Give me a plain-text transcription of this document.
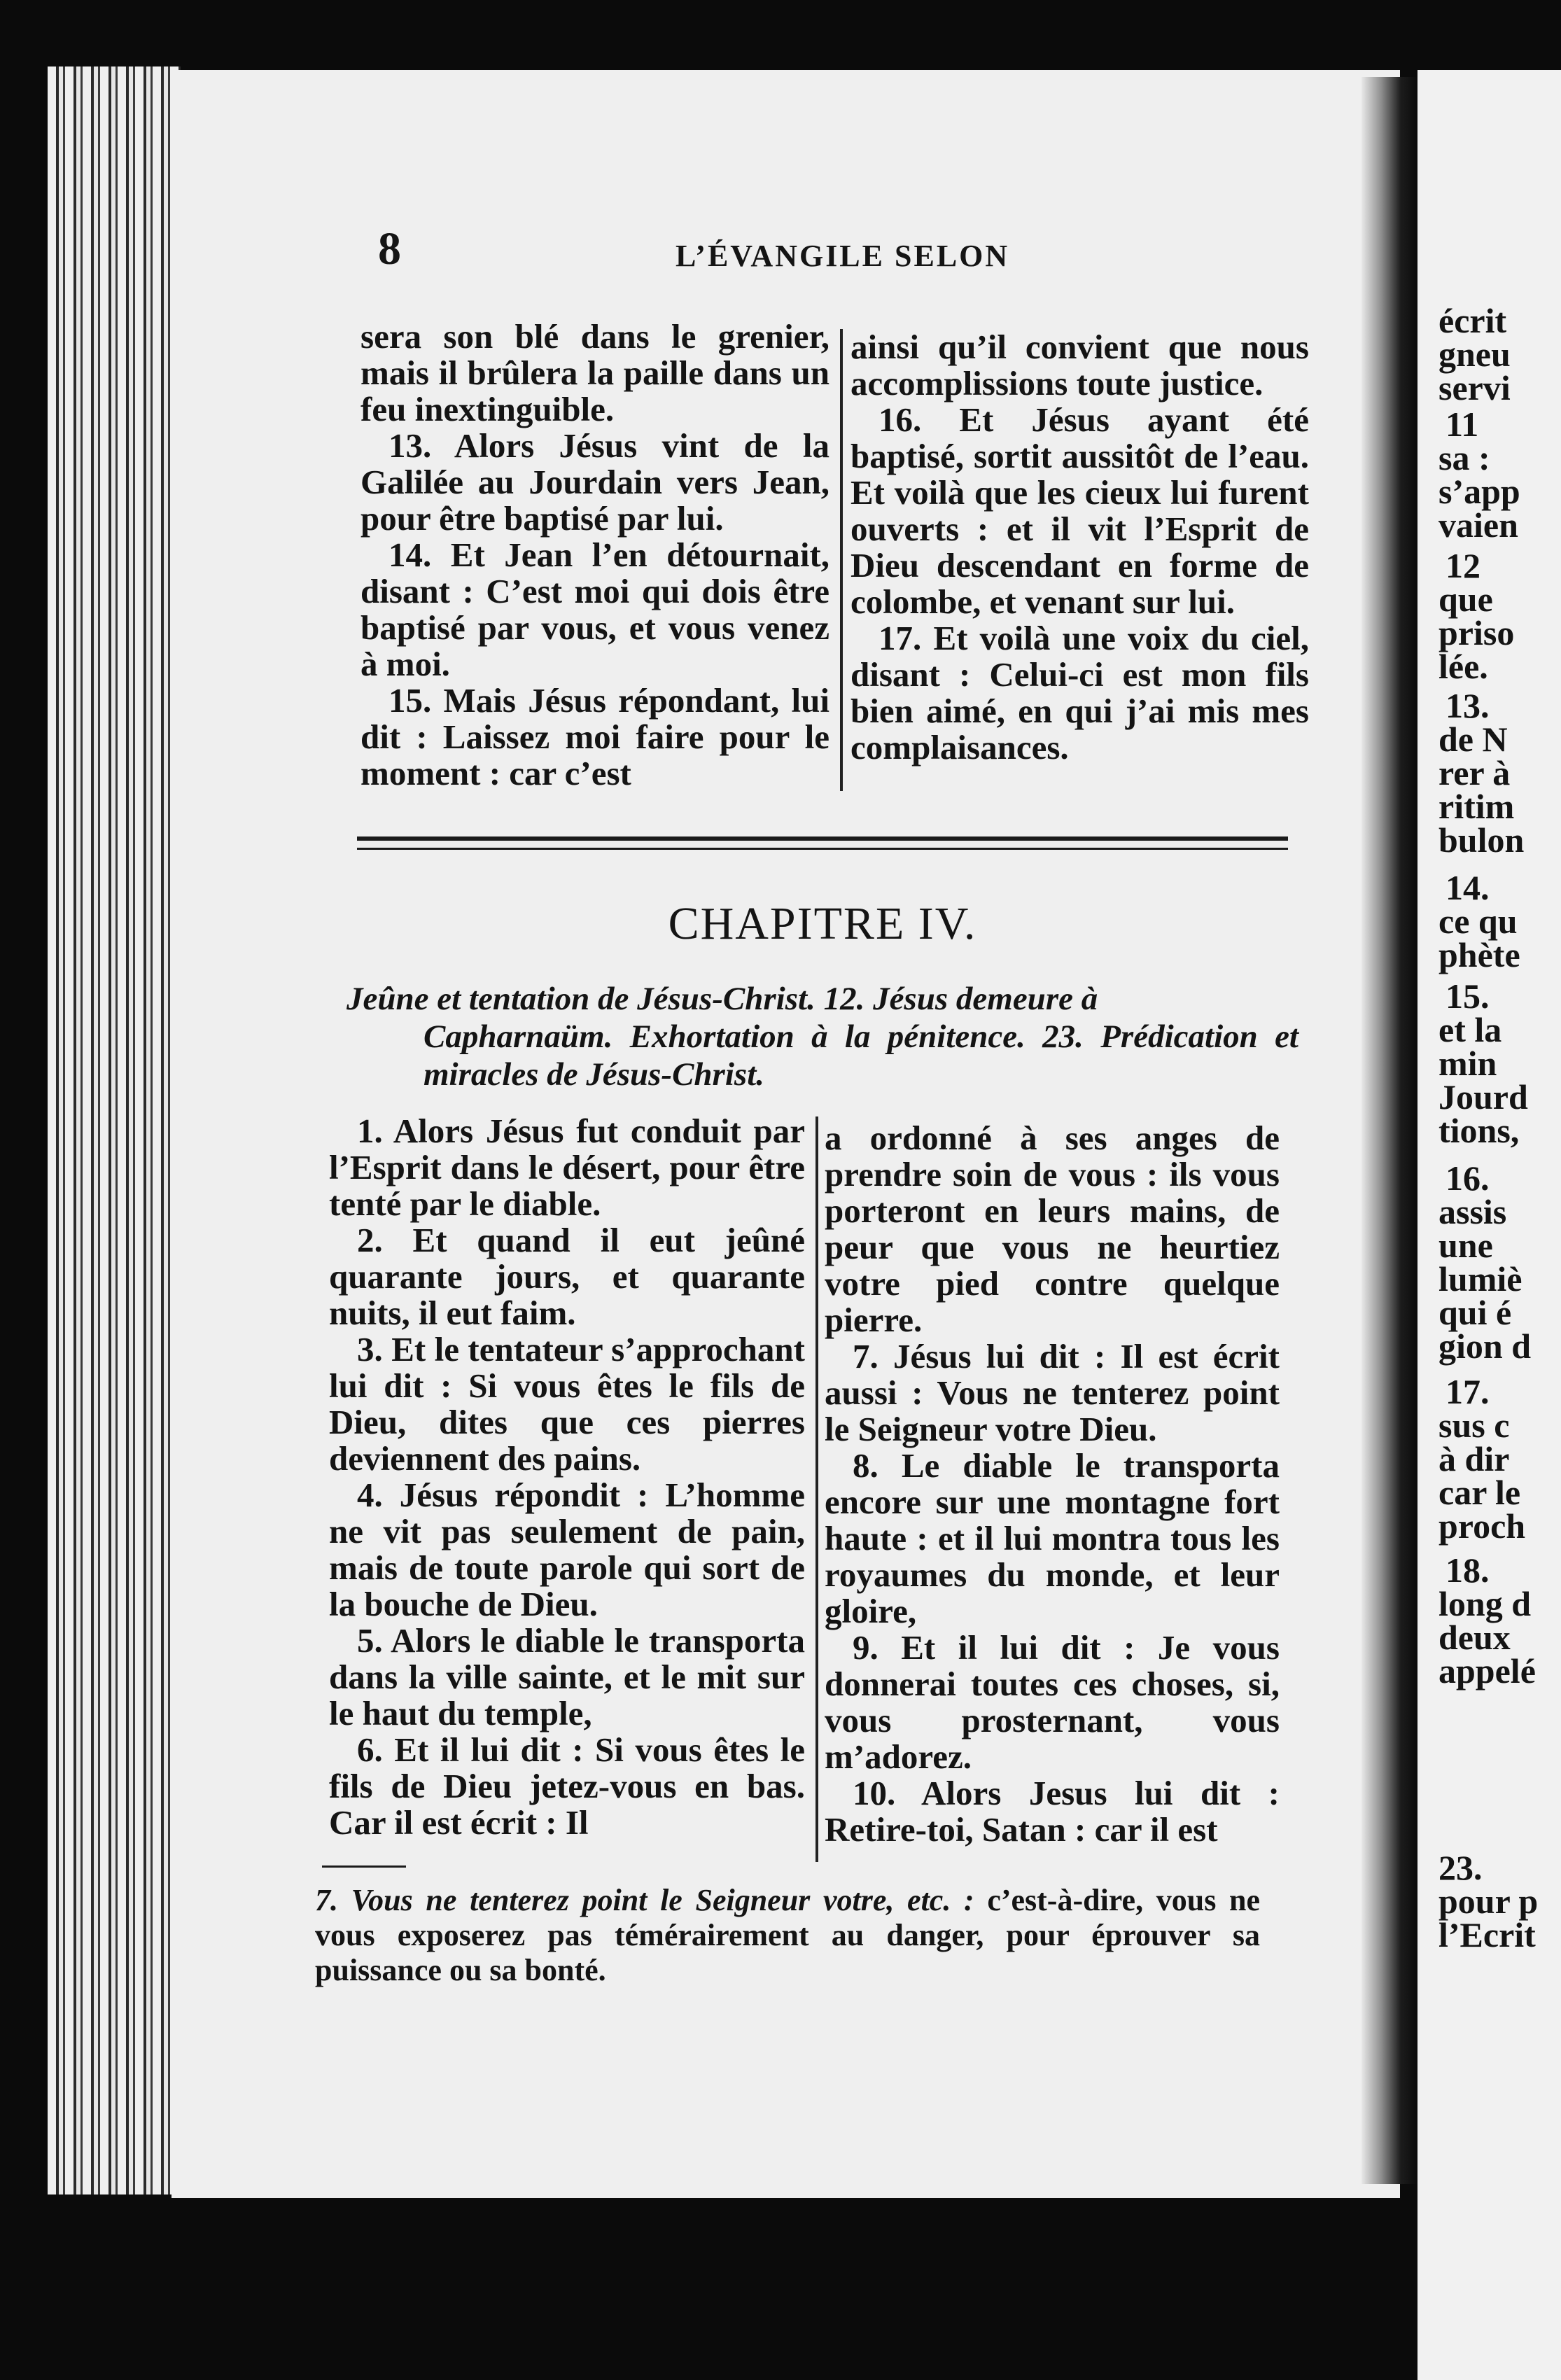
écrit
gneu
servi
11
sa :
s’app
vaien
12
que
priso
lée.
13.
de N
rer à
ritim
bulon
14.
ce qu
phète
15.
et la
min
Jourd
tions,
16.
assis
une
lumiè
qui é
gion d
17.
sus c
à dir
car le
proch
18.
long d
deux
appelé
23.
pour p
l’Ecrit
8	L’ÉVANGILE SELON

sera son blé dans le grenier, mais il brûlera la paille dans un feu inextinguible.

13. Alors Jésus vint de la Galilée au Jourdain vers Jean, pour être baptisé par lui.

14. Et Jean l’en détournait, disant : C’est moi qui dois être baptisé par vous, et vous venez à moi.

15. Mais Jésus répondant, lui dit : Laissez moi faire pour le moment : car c’est

ainsi qu’il convient que nous accomplissions toute justice.

16. Et Jésus ayant été baptisé, sortit aussitôt de l’eau. Et voilà que les cieux lui furent ouverts : et il vit l’Esprit de Dieu descendant en forme de colombe, et venant sur lui.

17. Et voilà une voix du ciel, disant : Celui-ci est mon fils bien aimé, en qui j’ai mis mes complaisances.

CHAPITRE IV.
Jeûne et tentation de Jésus-Christ. 12. Jésus demeure à
Capharnaüm. Exhortation à la pénitence. 23. Prédication et miracles de Jésus-Christ.

1. Alors Jésus fut conduit par l’Esprit dans le désert, pour être tenté par le diable.

2. Et quand il eut jeûné quarante jours, et quarante nuits, il eut faim.

3. Et le tentateur s’approchant lui dit : Si vous êtes le fils de Dieu, dites que ces pierres deviennent des pains.

4. Jésus répondit : L’homme ne vit pas seulement de pain, mais de toute parole qui sort de la bouche de Dieu.

5. Alors le diable le transporta dans la ville sainte, et le mit sur le haut du temple,

6. Et il lui dit : Si vous êtes le fils de Dieu jetez-vous en bas. Car il est écrit : Il

a ordonné à ses anges de prendre soin de vous : ils vous porteront en leurs mains, de peur que vous ne heurtiez votre pied contre quelque pierre.

7. Jésus lui dit : Il est écrit aussi : Vous ne tenterez point le Seigneur votre Dieu.

8. Le diable le transporta encore sur une montagne fort haute : et il lui montra tous les royaumes du monde, et leur gloire,

9. Et il lui dit : Je vous donnerai toutes ces choses, si, vous prosternant, vous m’adorez.

10. Alors Jesus lui dit : Retire-toi, Satan : car il est

7. Vous ne tenterez point le Seigneur votre, etc. : c’est-à-dire, vous ne vous exposerez pas témérairement au danger, pour éprouver sa puissance ou sa bonté.
